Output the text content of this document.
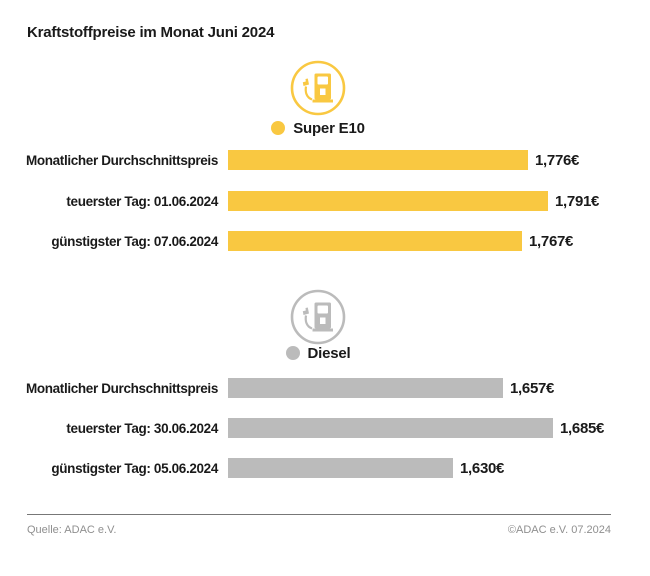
Kraftstoffpreise im Monat Juni 2024
Super E10
Monatlicher Durchschnittspreis	1,776€
teuerster Tag: 01.06.2024	1,791€
günstigster Tag: 07.06.2024	1,767€
Diesel
Monatlicher Durchschnittspreis	1,657€
teuerster Tag: 30.06.2024	1,685€
günstigster Tag: 05.06.2024	1,630€
Quelle: ADAC e.V.	©ADAC e.V. 07.2024
